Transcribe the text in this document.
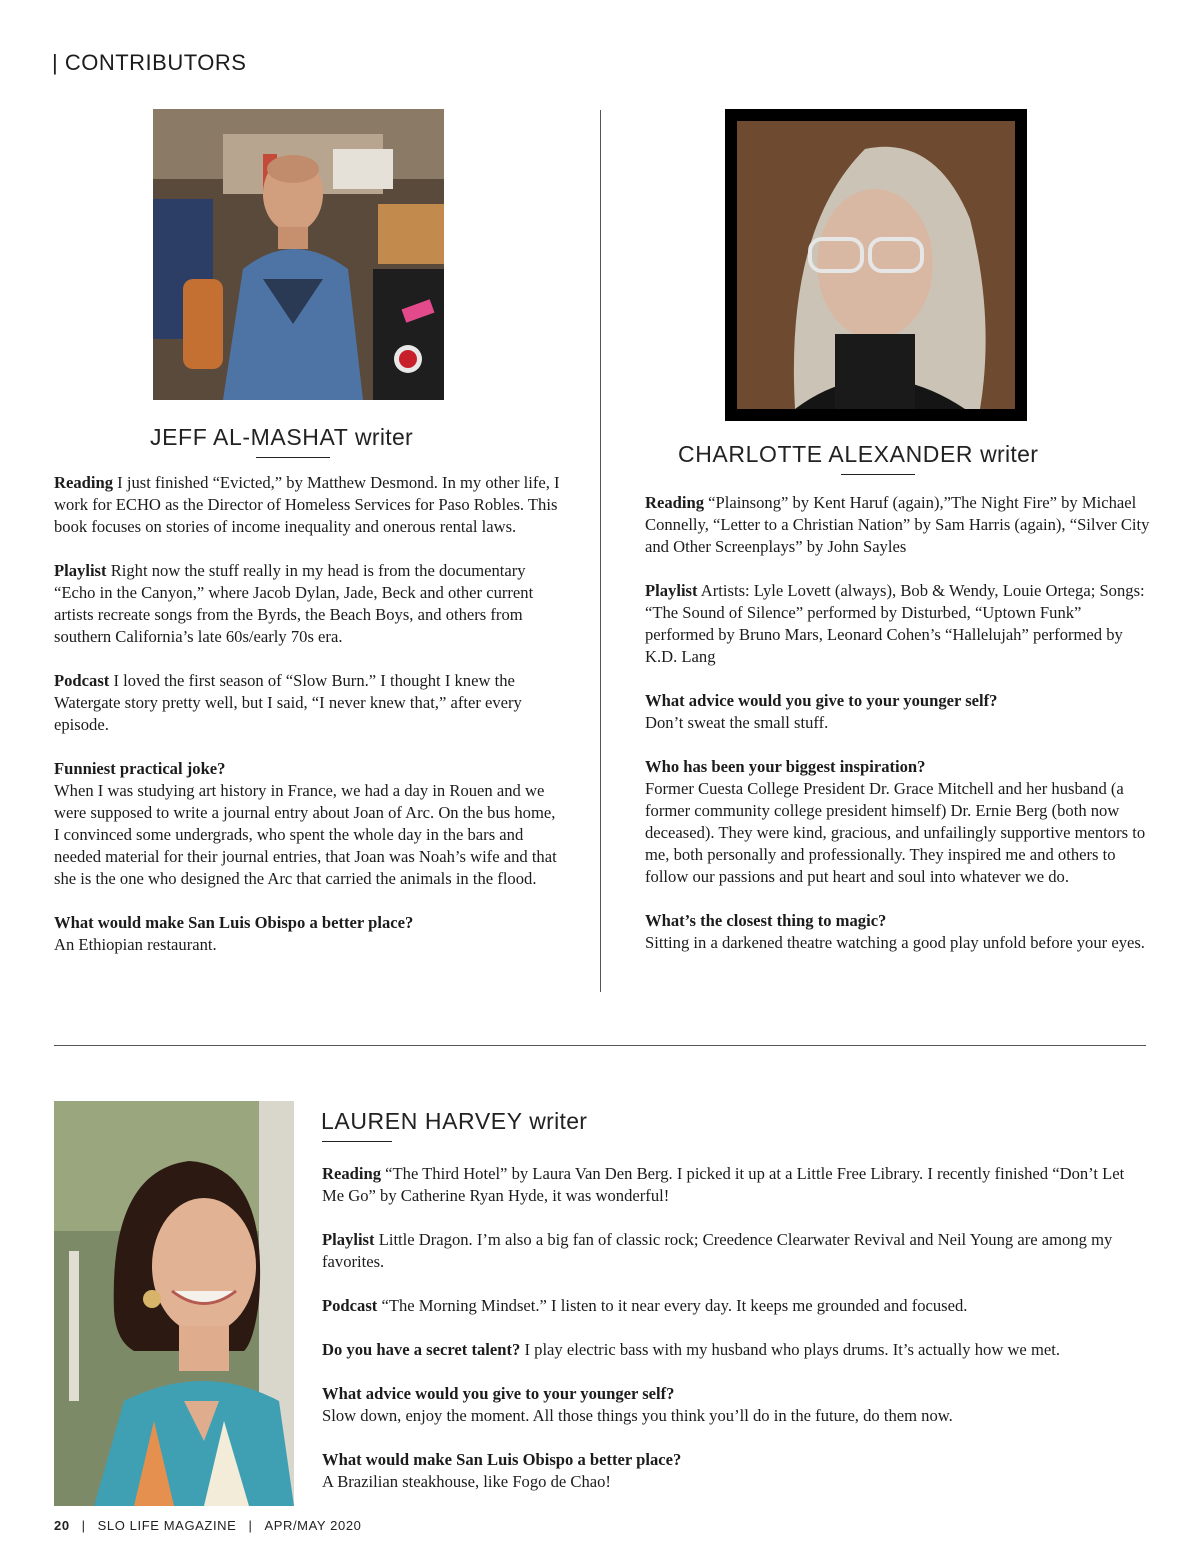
| CONTRIBUTORS
JEFF AL-MASHAT writer

Reading I just finished “Evicted,” by Matthew Desmond. In my other life, I work for ECHO as the Director of Homeless Services for Paso Robles. This book focuses on stories of income inequality and onerous rental laws.

Playlist Right now the stuff really in my head is from the documentary “Echo in the Canyon,” where Jacob Dylan, Jade, Beck and other current artists recreate songs from the Byrds, the Beach Boys, and others from southern California’s late 60s/early 70s era.

Podcast I loved the first season of “Slow Burn.” I thought I knew the Watergate story pretty well, but I said, “I never knew that,” after every episode.

Funniest practical joke?
When I was studying art history in France, we had a day in Rouen and we were supposed to write a journal entry about Joan of Arc. On the bus home, I convinced some undergrads, who spent the whole day in the bars and needed material for their journal entries, that Joan was Noah’s wife and that she is the one who designed the Arc that carried the animals in the flood.

What would make San Luis Obispo a better place?
An Ethiopian restaurant.

CHARLOTTE ALEXANDER writer

Reading “Plainsong” by Kent Haruf (again),”The Night Fire” by Michael Connelly, “Letter to a Christian Nation” by Sam Harris (again), “Silver City and Other Screenplays” by John Sayles

Playlist Artists: Lyle Lovett (always), Bob & Wendy, Louie Ortega; Songs: “The Sound of Silence” performed by Disturbed, “Uptown Funk” performed by Bruno Mars, Leonard Cohen’s “Hallelujah” performed by K.D. Lang

What advice would you give to your younger self?
Don’t sweat the small stuff.

Who has been your biggest inspiration?
Former Cuesta College President Dr. Grace Mitchell and her husband (a former community college president himself) Dr. Ernie Berg (both now deceased). They were kind, gracious, and unfailingly supportive mentors to me, both personally and professionally. They inspired me and others to follow our passions and put heart and soul into whatever we do.

What’s the closest thing to magic?
Sitting in a darkened theatre watching a good play unfold before your eyes.

LAUREN HARVEY writer

Reading “The Third Hotel” by Laura Van Den Berg. I picked it up at a Little Free Library. I recently finished “Don’t Let Me Go” by Catherine Ryan Hyde, it was wonderful!

Playlist Little Dragon. I’m also a big fan of classic rock; Creedence Clearwater Revival and Neil Young are among my favorites.

Podcast “The Morning Mindset.” I listen to it near every day. It keeps me grounded and focused.

Do you have a secret talent? I play electric bass with my husband who plays drums. It’s actually how we met.

What advice would you give to your younger self?
Slow down, enjoy the moment. All those things you think you’ll do in the future, do them now.

What would make San Luis Obispo a better place?
A Brazilian steakhouse, like Fogo de Chao!

20 | SLO LIFE MAGAZINE | APR/MAY 2020
